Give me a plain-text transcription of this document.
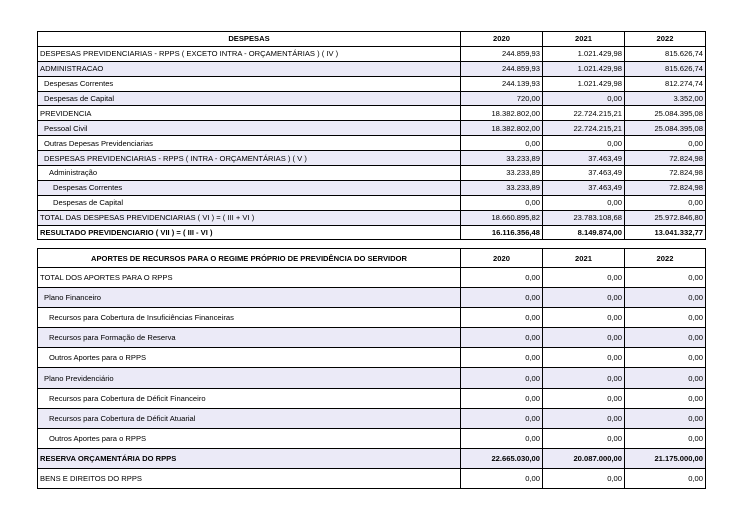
DESPESAS	2020	2021	2022
DESPESAS PREVIDENCIARIAS - RPPS ( EXCETO INTRA - ORÇAMENTÁRIAS ) ( IV )	244.859,93	1.021.429,98	815.626,74
ADMINISTRACAO	244.859,93	1.021.429,98	815.626,74
Despesas Correntes	244.139,93	1.021.429,98	812.274,74
Despesas de Capital	720,00	0,00	3.352,00
PREVIDENCIA	18.382.802,00	22.724.215,21	25.084.395,08
Pessoal Civil	18.382.802,00	22.724.215,21	25.084.395,08
Outras Depesas Previdenciarias	0,00	0,00	0,00
DESPESAS PREVIDENCIARIAS - RPPS ( INTRA - ORÇAMENTÁRIAS ) ( V )	33.233,89	37.463,49	72.824,98
Administração	33.233,89	37.463,49	72.824,98
Despesas Correntes	33.233,89	37.463,49	72.824,98
Despesas de Capital	0,00	0,00	0,00
TOTAL DAS DESPESAS PREVIDENCIARIAS ( VI ) = ( III + VI )	18.660.895,82	23.783.108,68	25.972.846,80
RESULTADO PREVIDENCIARIO ( VII ) = ( III - VI )	16.116.356,48	8.149.874,00	13.041.332,77
APORTES DE RECURSOS PARA O REGIME PRÓPRIO DE PREVIDÊNCIA DO SERVIDOR	2020	2021	2022
TOTAL DOS APORTES PARA O RPPS	0,00	0,00	0,00
Plano Financeiro	0,00	0,00	0,00
Recursos para Cobertura de Insuficiências Financeiras	0,00	0,00	0,00
Recursos para Formação de Reserva	0,00	0,00	0,00
Outros Aportes para o RPPS	0,00	0,00	0,00
Plano Previdenciário	0,00	0,00	0,00
Recursos para Cobertura de Déficit Financeiro	0,00	0,00	0,00
Recursos para Cobertura de Déficit Atuarial	0,00	0,00	0,00
Outros Aportes para o RPPS	0,00	0,00	0,00
RESERVA ORÇAMENTÁRIA DO RPPS	22.665.030,00	20.087.000,00	21.175.000,00
BENS E DIREITOS DO RPPS	0,00	0,00	0,00
